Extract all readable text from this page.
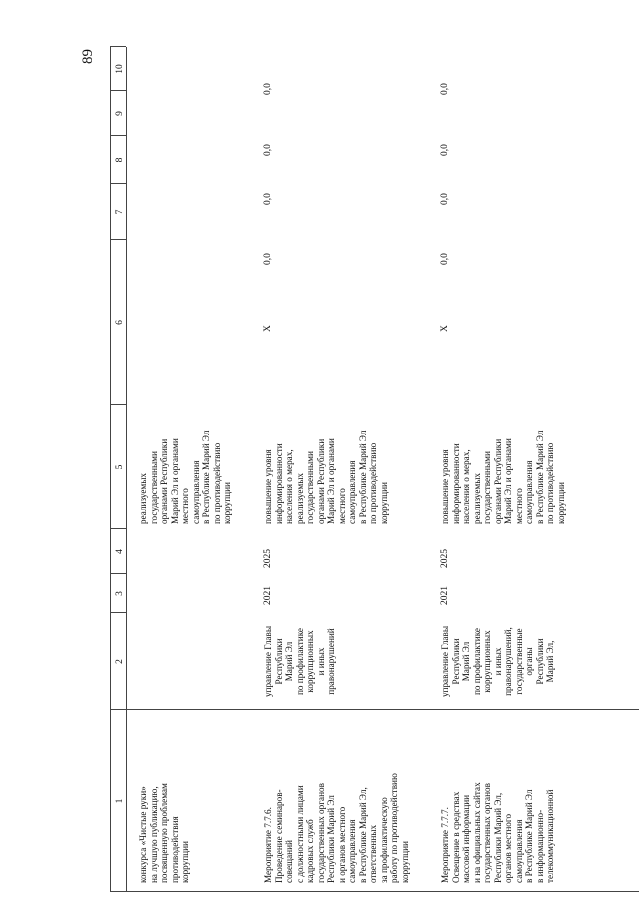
89
1
2
3
4
5
6
7
8
9
10
конкурса «Чистые руки»
на лучшую публикацию,
посвященную проблемам
противодействия
коррупции
реализуемых
государственными
органами Республики
Марий Эл и органами
местного
самоуправления
в Республике Марий Эл
по противодействию
коррупции
Мероприятие 7.7.6.
Проведение семинаров-
совещаний
с должностными лицами
кадровых служб
государственных органов
Республики Марий Эл
и органов местного
самоуправления
в Республике Марий Эл,
ответственных
за профилактическую
работу по противодействию
коррупции
управление Главы
Республики
Марий Эл
по профилактике
коррупционных
и иных
правонарушений
2021
2025
повышение уровня
информированности
населения о мерах,
реализуемых
государственными
органами Республики
Марий Эл и органами
местного
самоуправления
в Республике Марий Эл
по противодействию
коррупции
X
0,0
0,0
0,0
0,0
Мероприятие 7.7.7.
Освещение в средствах
массовой информации
и на официальных сайтах
государственных органов
Республики Марий Эл,
органов местного
самоуправления
в Республике Марий Эл
в информационно-
телекоммуникационной
управление Главы
Республики
Марий Эл
по профилактике
коррупционных
и иных
правонарушений,
государственные
органы
Республики
Марий Эл,
2021
2025
повышение уровня
информированности
населения о мерах,
реализуемых
государственными
органами Республики
Марий Эл и органами
местного
самоуправления
в Республике Марий Эл
по противодействию
коррупции
X
0,0
0,0
0,0
0,0
